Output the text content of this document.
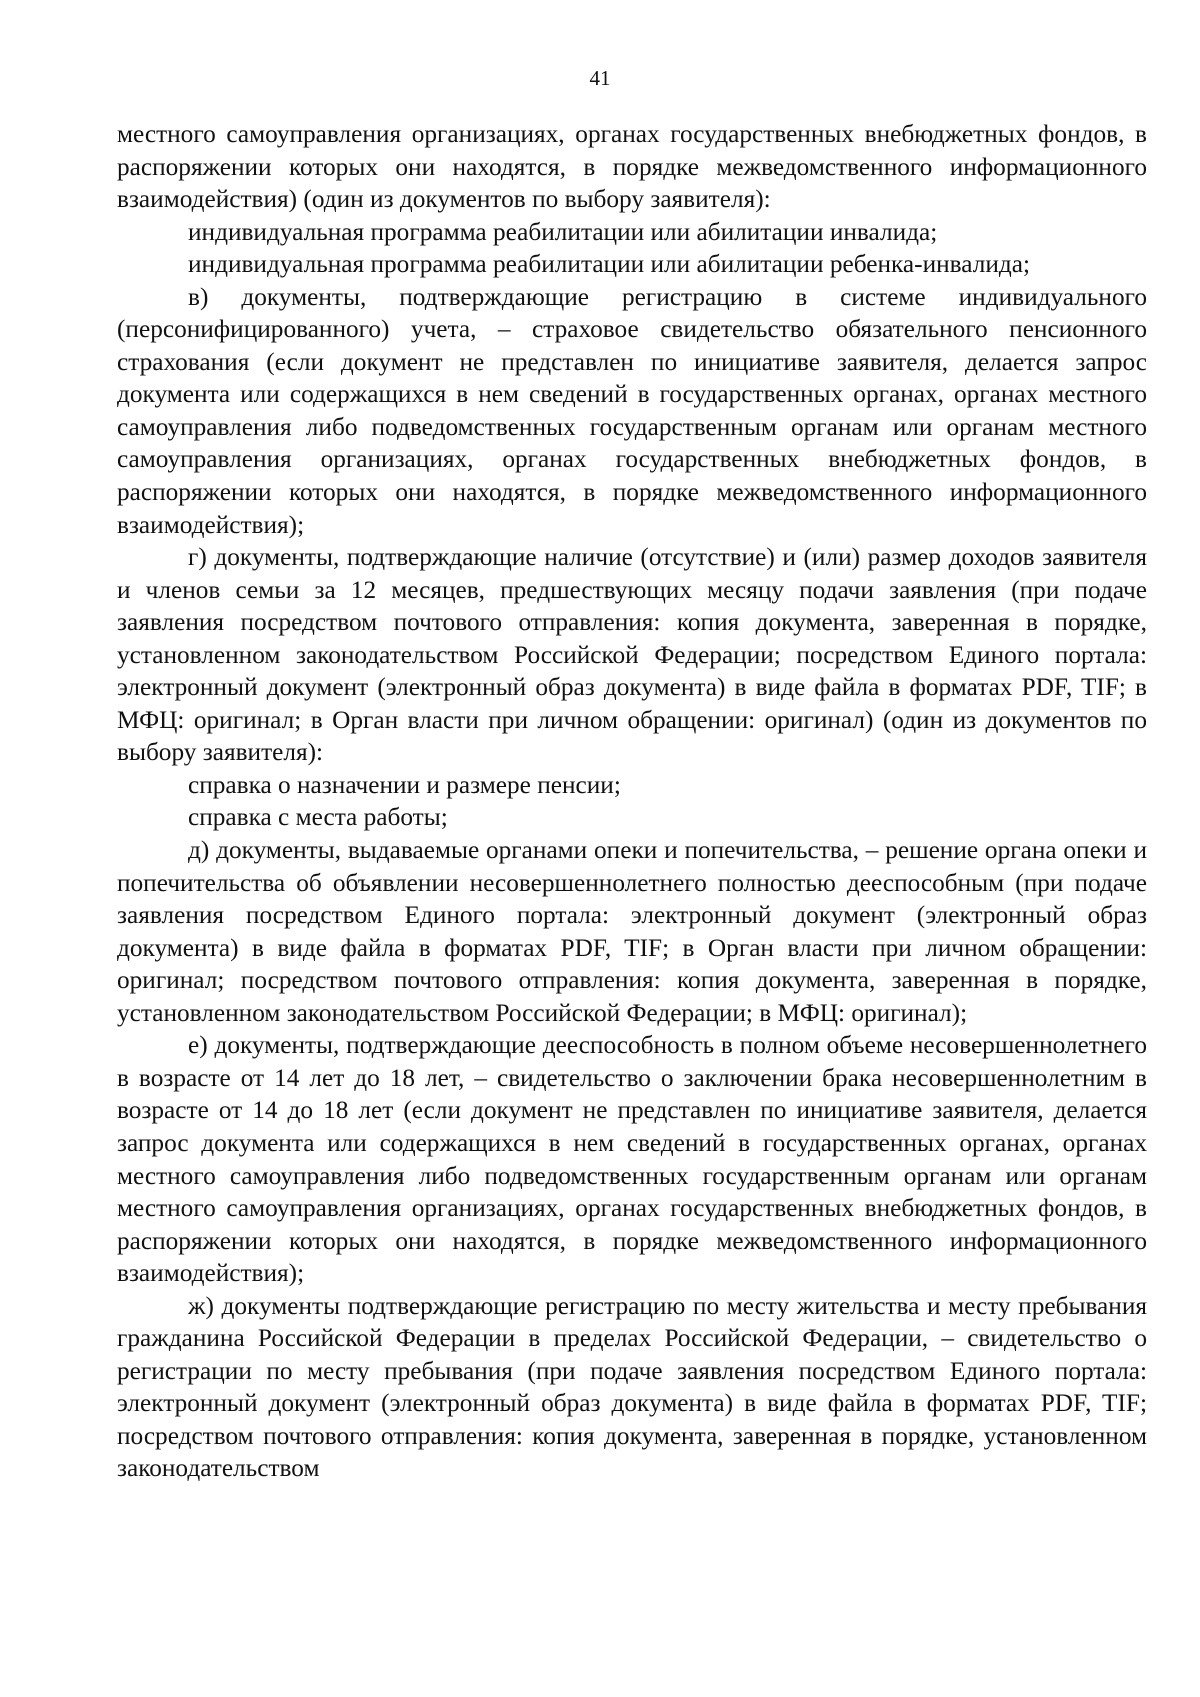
41

местного самоуправления организациях, органах государственных внебюджетных фондов, в распоряжении которых они находятся, в порядке межведомственного информационного взаимодействия) (один из документов по выбору заявителя):

индивидуальная программа реабилитации или абилитации инвалида;

индивидуальная программа реабилитации или абилитации ребенка-инвалида;

в) документы, подтверждающие регистрацию в системе индивидуального (персонифицированного) учета, – страховое свидетельство обязательного пенсионного страхования (если документ не представлен по инициативе заявителя, делается запрос документа или содержащихся в нем сведений в государственных органах, органах местного самоуправления либо подведомственных государственным органам или органам местного самоуправления организациях, органах государственных внебюджетных фондов, в распоряжении которых они находятся, в порядке межведомственного информационного взаимодействия);

г) документы, подтверждающие наличие (отсутствие) и (или) размер доходов заявителя и членов семьи за 12 месяцев, предшествующих месяцу подачи заявления (при подаче заявления посредством почтового отправления: копия документа, заверенная в порядке, установленном законодательством Российской Федерации; посредством Единого портала: электронный документ (электронный образ документа) в виде файла в форматах PDF, TIF; в МФЦ: оригинал; в Орган власти при личном обращении: оригинал) (один из документов по выбору заявителя):

справка о назначении и размере пенсии;

справка с места работы;

д) документы, выдаваемые органами опеки и попечительства, – решение органа опеки и попечительства об объявлении несовершеннолетнего полностью дееспособным (при подаче заявления посредством Единого портала: электронный документ (электронный образ документа) в виде файла в форматах PDF, TIF; в Орган власти при личном обращении: оригинал; посредством почтового отправления: копия документа, заверенная в порядке, установленном законодательством Российской Федерации; в МФЦ: оригинал);

е) документы, подтверждающие дееспособность в полном объеме несовершеннолетнего в возрасте от 14 лет до 18 лет, – свидетельство о заключении брака несовершеннолетним в возрасте от 14 до 18 лет (если документ не представлен по инициативе заявителя, делается запрос документа или содержащихся в нем сведений в государственных органах, органах местного самоуправления либо подведомственных государственным органам или органам местного самоуправления организациях, органах государственных внебюджетных фондов, в распоряжении которых они находятся, в порядке межведомственного информационного взаимодействия);

ж) документы подтверждающие регистрацию по месту жительства и месту пребывания гражданина Российской Федерации в пределах Российской Федерации, – свидетельство о регистрации по месту пребывания (при подаче заявления посредством Единого портала: электронный документ (электронный образ документа) в виде файла в форматах PDF, TIF; посредством почтового отправления: копия документа, заверенная в порядке, установленном законодательством
